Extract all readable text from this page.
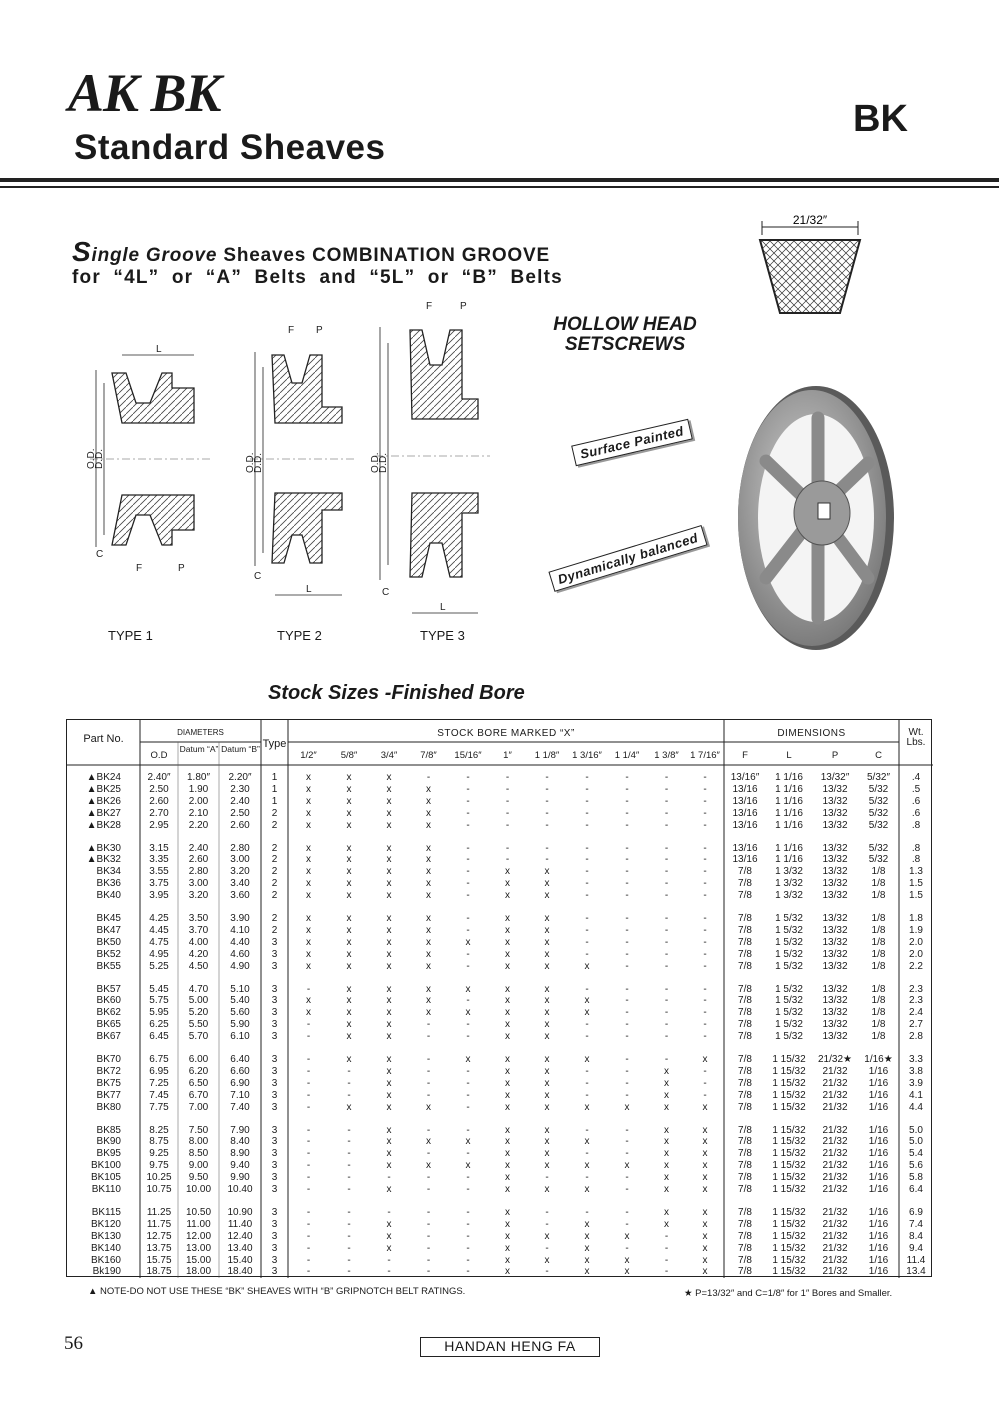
AK BK
Standard Sheaves
BK
Single Groove Sheaves COMBINATION GROOVE
for “4L” or “A” Belts and “5L” or “B” Belts
21/32″
HOLLOW HEAD SETSCREWS
Surface Painted
Dynamically balanced
O.D.
D.D.	O.D.
D.D.	O.D.
D.D.
L
L
L
F	P
F P
F	P
C
C
C
TYPE 1	TYPE 2	TYPE 3
Stock Sizes -Finished Bore
Part No.
DIAMETERS
O.D
Datum “A” Datum “B” Type
STOCK BORE MARKED “X”	DIMENSIONS	Wt. Lbs.
1/2″	5/8″	3/4″	7/8″	15/16″	1″	1 1/8″	1 3/16″	1 1/4″	1 3/8″	1 7/16″	F	L	P	C
▲BK24	2.40″	1.80″	2.20″	1	x	x	x	-	-	-	-	-	-	-	-	13/16″	1 1/16	13/32″	5/32″	.4
▲BK25	2.50	1.90	2.30	1	x	x	x	x	-	-	-	-	-	-	-	13/16	1 1/16	13/32	5/32	.5
▲BK26	2.60	2.00	2.40	1	x	x	x	x	-	-	-	-	-	-	-	13/16	1 1/16	13/32	5/32	.6
▲BK27	2.70	2.10	2.50	2	x	x	x	x	-	-	-	-	-	-	-	13/16	1 1/16	13/32	5/32	.6
▲BK28	2.95	2.20	2.60	2	x	x	x	x	-	-	-	-	-	-	-	13/16	1 1/16	13/32	5/32	.8
▲BK30	3.15	2.40	2.80	2	x	x	x	x	-	-	-	-	-	-	-	13/16	1 1/16	13/32	5/32	.8
▲BK32	3.35	2.60	3.00	2	x	x	x	x	-	-	-	-	-	-	-	13/16	1 1/16	13/32	5/32	.8
BK34	3.55	2.80	3.20	2	x	x	x	x	-	x	x	-	-	-	-	7/8	1 3/32	13/32	1/8	1.3
BK36	3.75	3.00	3.40	2	x	x	x	x	-	x	x	-	-	-	-	7/8	1 3/32	13/32	1/8	1.5
BK40	3.95	3.20	3.60	2	x	x	x	x	-	x	x	-	-	-	-	7/8	1 3/32	13/32	1/8	1.5
BK45	4.25	3.50	3.90	2	x	x	x	x	-	x	x	-	-	-	-	7/8	1 5/32	13/32	1/8	1.8
BK47	4.45	3.70	4.10	2	x	x	x	x	-	x	x	-	-	-	-	7/8	1 5/32	13/32	1/8	1.9
BK50	4.75	4.00	4.40	3	x	x	x	x	x	x	x	-	-	-	-	7/8	1 5/32	13/32	1/8	2.0
BK52	4.95	4.20	4.60	3	x	x	x	x	-	x	x	-	-	-	-	7/8	1 5/32	13/32	1/8	2.0
BK55	5.25	4.50	4.90	3	x	x	x	x	-	x	x	x	-	-	-	7/8	1 5/32	13/32	1/8	2.2
BK57	5.45	4.70	5.10	3	-	x	x	x	x	x	x	-	-	-	-	7/8	1 5/32	13/32	1/8	2.3
BK60	5.75	5.00	5.40	3	x	x	x	x	-	x	x	x	-	-	-	7/8	1 5/32	13/32	1/8	2.3
BK62	5.95	5.20	5.60	3	x	x	x	x	x	x	x	x	-	-	-	7/8	1 5/32	13/32	1/8	2.4
BK65	6.25	5.50	5.90	3	-	x	x	-	-	x	x	-	-	-	-	7/8	1 5/32	13/32	1/8	2.7
BK67	6.45	5.70	6.10	3	-	x	x	-	-	x	x	-	-	-	-	7/8	1 5/32	13/32	1/8	2.8
BK70	6.75	6.00	6.40	3	-	x	x	-	x	x	x	x	-	-	x	7/8	1 15/32	21/32★	1/16★	3.3
BK72	6.95	6.20	6.60	3	-	-	x	-	-	x	x	-	-	x	-	7/8	1 15/32	21/32	1/16	3.8
BK75	7.25	6.50	6.90	3	-	-	x	-	-	x	x	-	-	x	-	7/8	1 15/32	21/32	1/16	3.9
BK77	7.45	6.70	7.10	3	-	-	x	-	-	x	x	-	-	x	-	7/8	1 15/32	21/32	1/16	4.1
BK80	7.75	7.00	7.40	3	-	x	x	x	-	x	x	x	x	x	x	7/8	1 15/32	21/32	1/16	4.4
BK85	8.25	7.50	7.90	3	-	-	x	-	-	x	x	-	-	x	x	7/8	1 15/32	21/32	1/16	5.0
BK90	8.75	8.00	8.40	3	-	-	x	x	x	x	x	x	-	x	x	7/8	1 15/32	21/32	1/16	5.0
BK95	9.25	8.50	8.90	3	-	-	x	-	-	x	x	-	-	x	x	7/8	1 15/32	21/32	1/16	5.4
BK100	9.75	9.00	9.40	3	-	-	x	x	x	x	x	x	x	x	x	7/8	1 15/32	21/32	1/16	5.6
BK105	10.25	9.50	9.90	3	-	-	-	-	-	x	-	-	-	x	x	7/8	1 15/32	21/32	1/16	5.8
BK110	10.75	10.00	10.40	3	-	-	x	-	-	x	x	x	-	x	x	7/8	1 15/32	21/32	1/16	6.4
BK115	11.25	10.50	10.90	3	-	-	-	-	-	x	-	-	-	x	x	7/8	1 15/32	21/32	1/16	6.9
BK120	11.75	11.00	11.40	3	-	-	x	-	-	x	-	x	-	x	x	7/8	1 15/32	21/32	1/16	7.4
BK130	12.75	12.00	12.40	3	-	-	x	-	-	x	x	x	x	-	x	7/8	1 15/32	21/32	1/16	8.4
BK140	13.75	13.00	13.40	3	-	-	x	-	-	x	-	x	-	-	x	7/8	1 15/32	21/32	1/16	9.4
BK160	15.75	15.00	15.40	3	-	-	-	-	-	x	x	x	x	-	x	7/8	1 15/32	21/32	1/16	11.4
Bk190	18.75	18.00	18.40	3	-	-	-	-	-	x	-	x	x	-	x	7/8	1 15/32	21/32	1/16	13.4
▲ NOTE-DO NOT USE THESE “BK” SHEAVES WITH “B” GRIPNOTCH BELT RATINGS.	★ P=13/32″ and C=1/8″ for 1″ Bores and Smaller.
56	HANDAN HENG FA
